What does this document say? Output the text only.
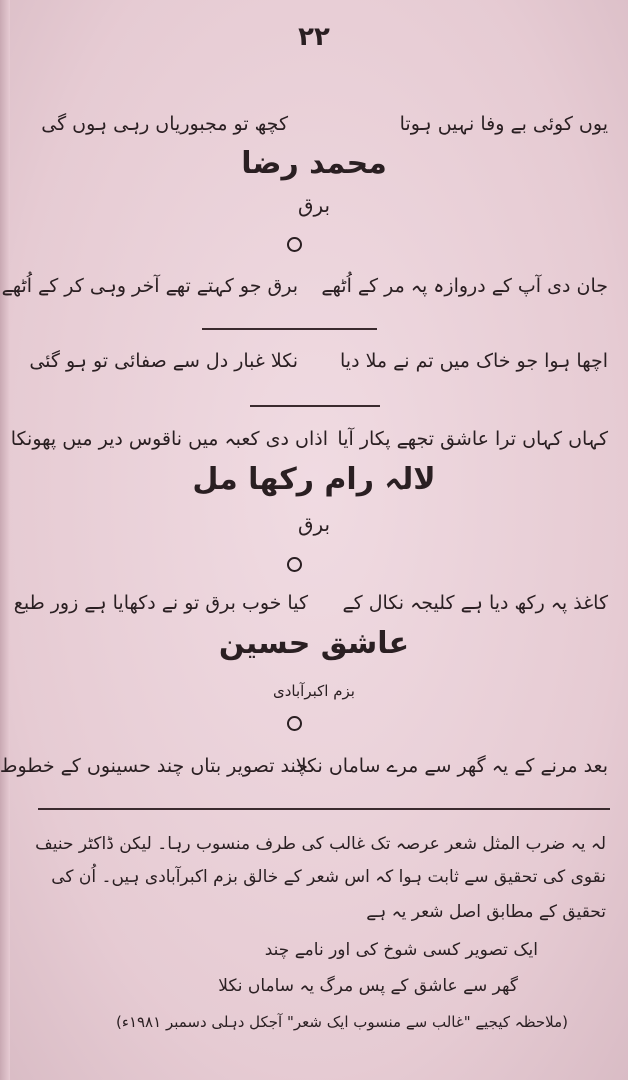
۲۲
کچھ تو مجبوریاں رہی ہوں گی	یوں کوئی بے وفا نہیں ہوتا
محمد رضا
برق
برق جو کہتے تھے آخر وہی کر کے اُٹھے جان دی آپ کے دروازہ پہ مر کے اُٹھے
نکلا غبار دل سے صفائی تو ہو گئی اچھا ہوا جو خاک میں تم نے ملا دیا
اذاں دی کعبہ میں ناقوس دیر میں پھونکا کہاں کہاں ترا عاشق تجھے پکار آیا
لالہ رام رکھا مل
برق
کیا خوب برق تو نے دکھایا ہے زور طبع کاغذ پہ رکھ دیا ہے کلیجہ نکال کے
عاشق حسین
بزم اکبرآبادی
چند تصویر بتاں چند حسینوں کے خطوط
بعد مرنے کے یہ گھر سے مرے ساماں نکلا
لہ یہ ضرب المثل شعر عرصہ تک غالب کی طرف منسوب رہا۔ لیکن ڈاکٹر حنیف
نقوی کی تحقیق سے ثابت ہوا کہ اس شعر کے خالق بزم اکبرآبادی ہیں۔ اُن کی
تحقیق کے مطابق اصل شعر یہ ہے
ایک تصویر کسی شوخ کی اور نامے چند
گھر سے عاشق کے پس مرگ یہ ساماں نکلا
(ملاحظہ کیجیے "غالب سے منسوب ایک شعر" آجکل دہلی دسمبر ۱۹۸۱ء)
